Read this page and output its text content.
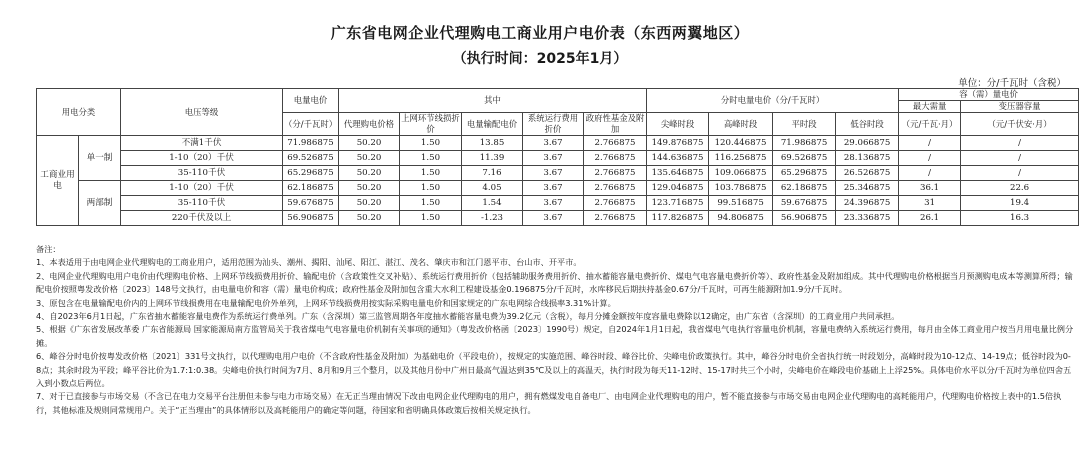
广东省电网企业代理购电工商业用户电价表（东西两翼地区）
（执行时间：2025年1月）
单位：分/千瓦时（含税）
用电分类		电压等级	电量电价	其中					分时电量电价（分/千瓦时）				容（需）量电价	
													最大需量	变压器容量
			（分/千瓦时）	代理购电价格	上网环节线损折价	电量输配电价	系统运行费用折价	政府性基金及附加	尖峰时段	高峰时段	平时段	低谷时段	（元/千瓦·月）	（元/千伏安·月）
工商业用电	单一制	不满1千伏	71.986875	50.20	1.50	13.85	3.67	2.766875	149.876875	120.446875	71.986875	29.066875	/	/
		1-10（20）千伏	69.526875	50.20	1.50	11.39	3.67	2.766875	144.636875	116.256875	69.526875	28.136875	/	/
		35-110千伏	65.296875	50.20	1.50	7.16	3.67	2.766875	135.646875	109.066875	65.296875	26.526875	/	/
	两部制	1-10（20）千伏	62.186875	50.20	1.50	4.05	3.67	2.766875	129.046875	103.786875	62.186875	25.346875	36.1	22.6
		35-110千伏	59.676875	50.20	1.50	1.54	3.67	2.766875	123.716875	99.516875	59.676875	24.396875	31	19.4
		220千伏及以上	56.906875	50.20	1.50	-1.23	3.67	2.766875	117.826875	94.806875	56.906875	23.336875	26.1	16.3
备注：
1、本表适用于由电网企业代理购电的工商业用户，适用范围为汕头、潮州、揭阳、汕尾、阳江、湛江、茂名、肇庆市和江门恩平市、台山市、开平市。
2、电网企业代理购电用户电价由代理购电价格、上网环节线损费用折价、输配电价（含政策性交叉补贴）、系统运行费用折价（包括辅助服务费用折价、抽水蓄能容量电费折价、煤电气电容量电费折价等）、政府性基金及附加组成。其中代理购电价格根据当月预测购电成本等测算所得；输配电价按照粤发改价格〔2023〕148号文执行，由电量电价和容（需）量电价构成；政府性基金及附加包含重大水利工程建设基金0.196875分/千瓦时，水库移民后期扶持基金0.67分/千瓦时，可再生能源附加1.9分/千瓦时。
3、原包含在电量输配电价内的上网环节线损费用在电量输配电价外单列，上网环节线损费用按实际采购电量电价和国家规定的广东电网综合线损率3.31%计算。
4、自2023年6月1日起，广东省抽水蓄能容量电费作为系统运行费单列。广东（含深圳）第三监管周期各年度抽水蓄能容量电费为39.2亿元（含税），每月分摊金额按年度容量电费除以12确定，由广东省（含深圳）的工商业用户共同承担。
5、根据《广东省发展改革委 广东省能源局 国家能源局南方监管局关于我省煤电气电容量电价机制有关事项的通知》（粤发改价格函〔2023〕1990号）规定，自2024年1月1日起，我省煤电气电执行容量电价机制，容量电费纳入系统运行费用，每月由全体工商业用户按当月用电量比例分摊。
6、峰谷分时电价按粤发改价格〔2021〕331号文执行，以代理购电用户电价（不含政府性基金及附加）为基础电价（平段电价），按规定的实施范围、峰谷时段、峰谷比价、尖峰电价政策执行。其中，峰谷分时电价全省执行统一时段划分，高峰时段为10-12点、14-19点；低谷时段为0-8点；其余时段为平段；峰平谷比价为1.7:1:0.38。尖峰电价执行时间为7月、8月和9月三个整月，以及其他月份中广州日最高气温达到35℃及以上的高温天，执行时段为每天11-12时、15-17时共三个小时，尖峰电价在峰段电价基础上上浮25%。具体电价水平以分/千瓦时为单位四舍五入到小数点后两位。
7、对于已直接参与市场交易（不含已在电力交易平台注册但未参与电力市场交易）在无正当理由情况下改由电网企业代理购电的用户，拥有燃煤发电自备电厂、由电网企业代理购电的用户，暂不能直接参与市场交易由电网企业代理购电的高耗能用户，代理购电价格按上表中的1.5倍执行，其他标准及规则同常规用户。关于“正当理由”的具体情形以及高耗能用户的确定等问题，待国家和省明确具体政策后按相关规定执行。
